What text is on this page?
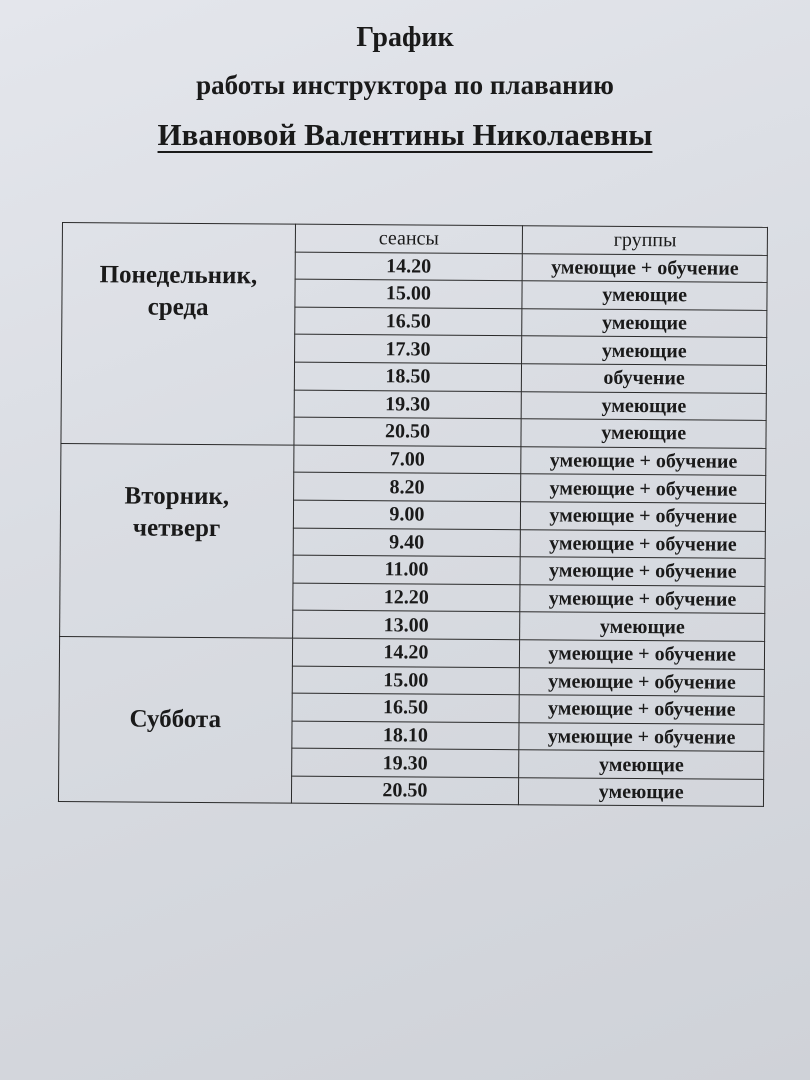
График

работы инструктора по плаванию

Ивановой Валентины Николаевны

Понедельник,
среда	сеансы	группы
	14.20	умеющие + обучение
	15.00	умеющие
	16.50	умеющие
	17.30	умеющие
	18.50	обучение
	19.30	умеющие
	20.50	умеющие

Вторник,
четверг	7.00	умеющие + обучение
	8.20	умеющие + обучение
	9.00	умеющие + обучение
	9.40	умеющие + обучение
	11.00	умеющие + обучение
	12.20	умеющие + обучение
	13.00	умеющие

Суббота	14.20	умеющие + обучение
	15.00	умеющие + обучение
	16.50	умеющие + обучение
	18.10	умеющие + обучение
	19.30	умеющие
	20.50	умеющие
